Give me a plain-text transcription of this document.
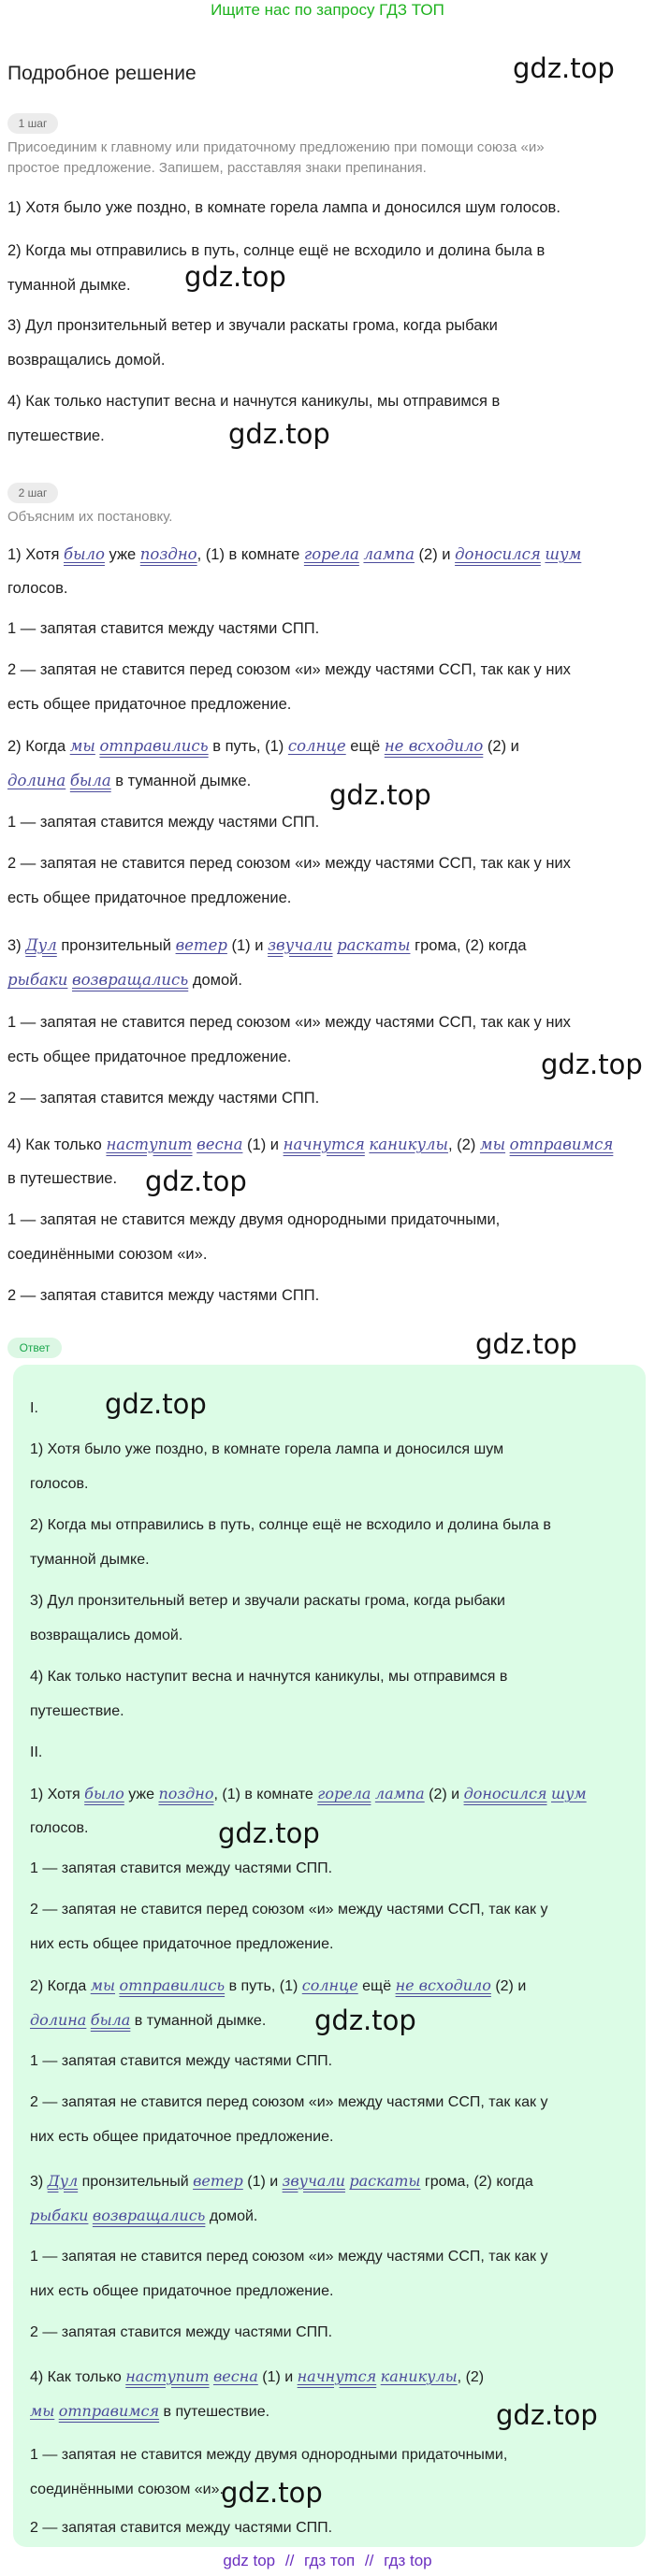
Ищите нас по запросу ГДЗ ТОП
Подробное решение	gdz.top
gdz.top
gdz.top
gdz.top
gdz.top
gdz.top
gdz.top
1 шаг
Присоединим к главному или придаточному предложению при помощи союза «и»
простое предложение. Запишем, расставляя знаки препинания.
1) Хотя было уже поздно, в комнате горела лампа и доносился шум голосов.
2) Когда мы отправились в путь, солнце ещё не всходило и долина была в
туманной дымке.
3) Дул пронзительный ветер и звучали раскаты грома, когда рыбаки
возвращались домой.
4) Как только наступит весна и начнутся каникулы, мы отправимся в
путешествие.
2 шаг
Объясним их постановку.
1) Хотя было уже поздно, (1) в комнате горела лампа (2) и доносился шум
голосов.
1 — запятая ставится между частями СПП.
2 — запятая не ставится перед союзом «и» между частями ССП, так как у них
есть общее придаточное предложение.
2) Когда мы отправились в путь, (1) солнце ещё не всходило (2) и
долина была в туманной дымке.
1 — запятая ставится между частями СПП.
2 — запятая не ставится перед союзом «и» между частями ССП, так как у них
есть общее придаточное предложение.
3) Дул пронзительный ветер (1) и звучали раскаты грома, (2) когда
рыбаки возвращались домой.
1 — запятая не ставится перед союзом «и» между частями ССП, так как у них
есть общее придаточное предложение.
2 — запятая ставится между частями СПП.
4) Как только наступит весна (1) и начнутся каникулы, (2) мы отправимся
в путешествие.
1 — запятая не ставится между двумя однородными придаточными,
соединёнными союзом «и».
2 — запятая ставится между частями СПП.
Ответ
gdz.top
I.
1) Хотя было уже поздно, в комнате горела лампа и доносился шум
голосов.
2) Когда мы отправились в путь, солнце ещё не всходило и долина была в
туманной дымке.
3) Дул пронзительный ветер и звучали раскаты грома, когда рыбаки
возвращались домой.
4) Как только наступит весна и начнутся каникулы, мы отправимся в
путешествие.
II.
1) Хотя было уже поздно, (1) в комнате горела лампа (2) и доносился шум
голосов.	gdz.top
1 — запятая ставится между частями СПП.
2 — запятая не ставится перед союзом «и» между частями ССП, так как у
них есть общее придаточное предложение.
2) Когда мы отправились в путь, (1) солнце ещё не всходило (2) и
долина была в туманной дымке. gdz.top
1 — запятая ставится между частями СПП.
2 — запятая не ставится перед союзом «и» между частями ССП, так как у
них есть общее придаточное предложение.
3) Дул пронзительный ветер (1) и звучали раскаты грома, (2) когда
рыбаки возвращались домой.
1 — запятая не ставится перед союзом «и» между частями ССП, так как у
них есть общее придаточное предложение.
2 — запятая ставится между частями СПП.
4) Как только наступит весна (1) и начнутся каникулы, (2)
мы отправимся в путешествие.	gdz.top
1 — запятая не ставится между двумя однородными придаточными,
соединёнными союзом «и».
gdz.top
2 — запятая ставится между частями СПП.
gdz top // гдз топ // гдз top
